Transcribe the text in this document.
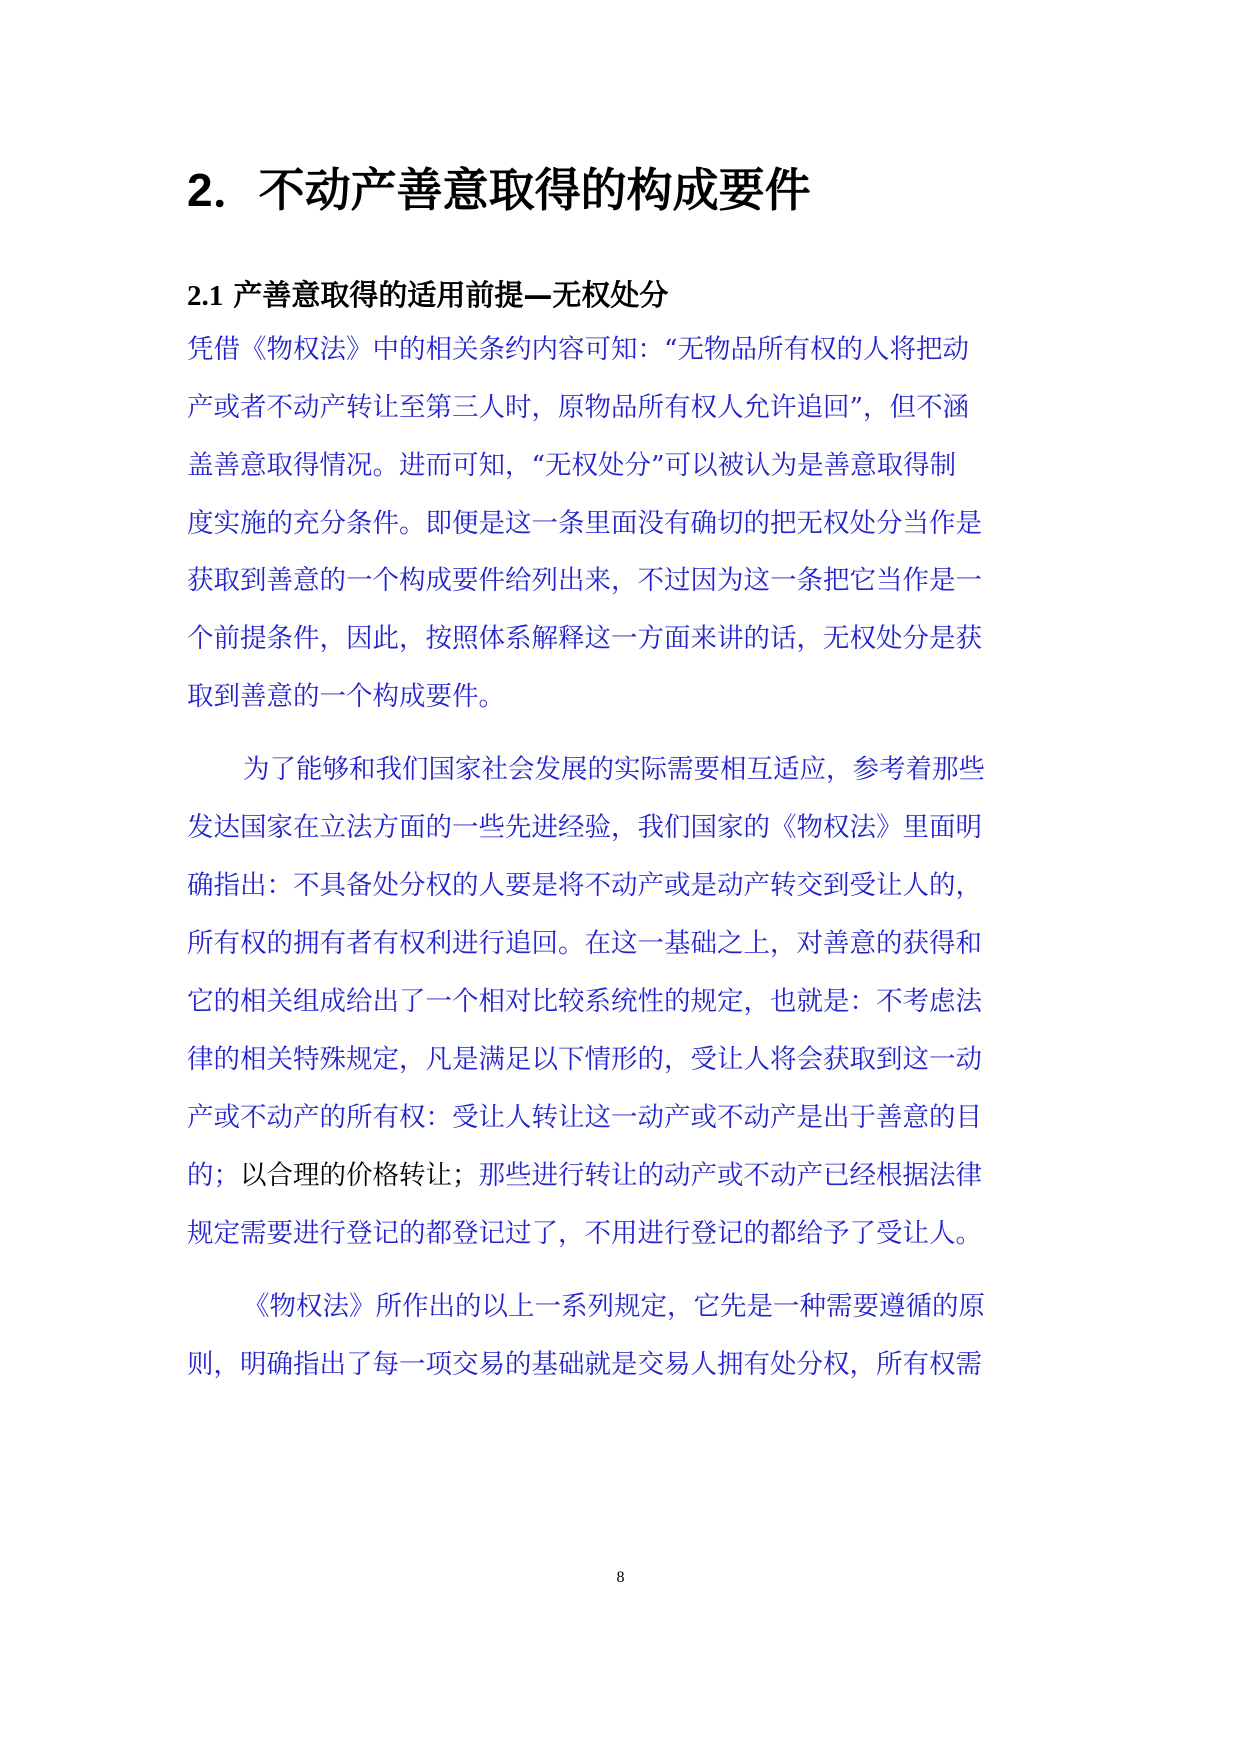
2．不动产善意取得的构成要件
2.1 产善意取得的适用前提—无权处分
凭借《物权法》中的相关条约内容可知：“无物品所有权的人将把动
产或者不动产转让至第三人时，原物品所有权人允许追回”，但不涵
盖善意取得情况。进而可知，“无权处分”可以被认为是善意取得制
度实施的充分条件。即便是这一条里面没有确切的把无权处分当作是
获取到善意的一个构成要件给列出来，不过因为这一条把它当作是一
个前提条件，因此，按照体系解释这一方面来讲的话，无权处分是获
取到善意的一个构成要件。
为了能够和我们国家社会发展的实际需要相互适应，参考着那些
发达国家在立法方面的一些先进经验，我们国家的《物权法》里面明
确指出：不具备处分权的人要是将不动产或是动产转交到受让人的，
所有权的拥有者有权利进行追回。在这一基础之上，对善意的获得和
它的相关组成给出了一个相对比较系统性的规定，也就是：不考虑法
律的相关特殊规定，凡是满足以下情形的，受让人将会获取到这一动
产或不动产的所有权：受让人转让这一动产或不动产是出于善意的目
的；以合理的价格转让；那些进行转让的动产或不动产已经根据法律
规定需要进行登记的都登记过了，不用进行登记的都给予了受让人。
《物权法》所作出的以上一系列规定，它先是一种需要遵循的原
则，明确指出了每一项交易的基础就是交易人拥有处分权，所有权需
8
